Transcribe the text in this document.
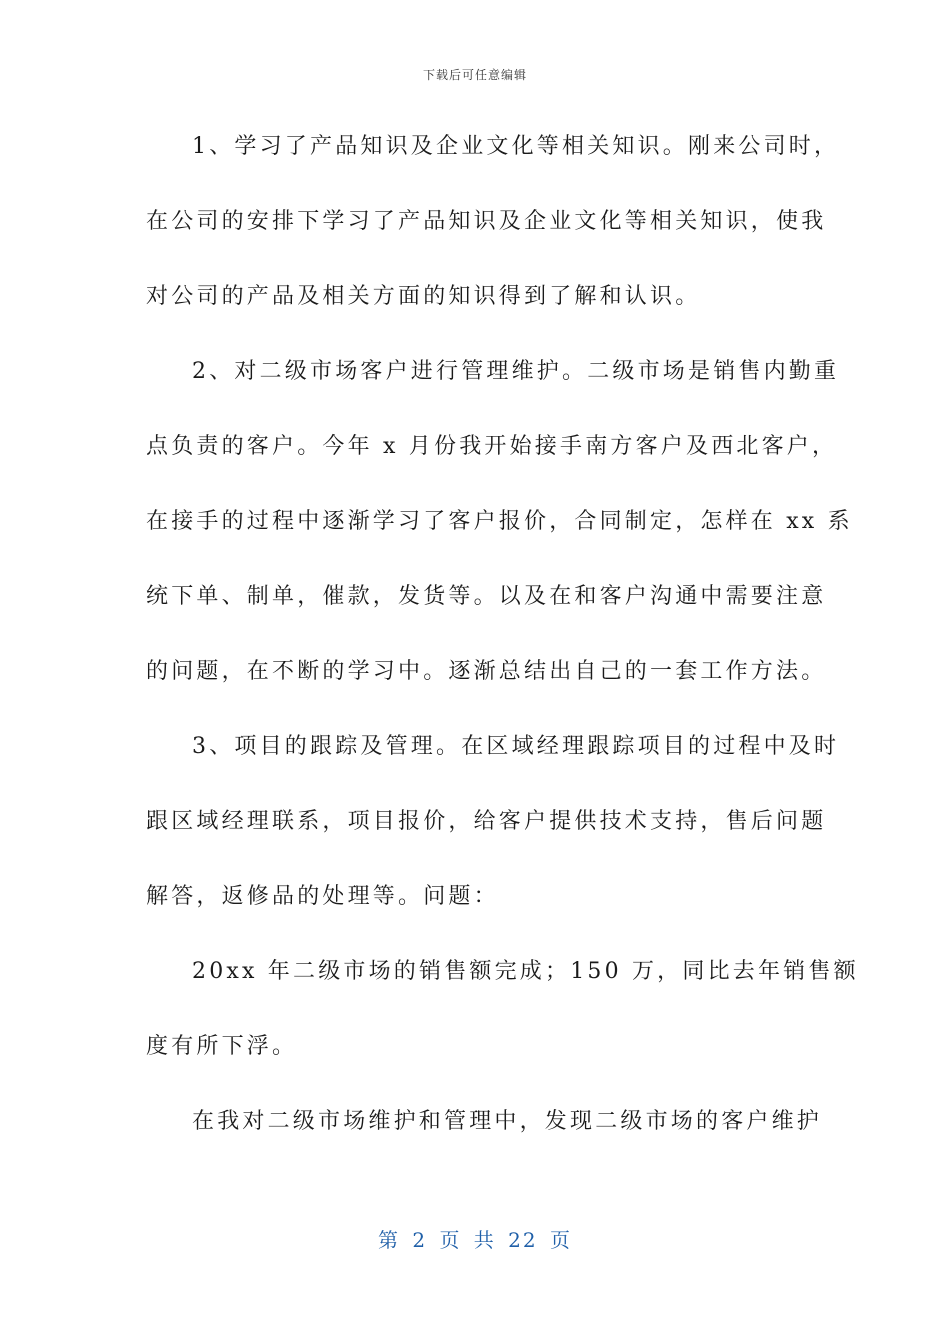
下载后可任意编辑
1、学习了产品知识及企业文化等相关知识。刚来公司时，
在公司的安排下学习了产品知识及企业文化等相关知识，使我
对公司的产品及相关方面的知识得到了解和认识。
2、对二级市场客户进行管理维护。二级市场是销售内勤重
点负责的客户。今年 x 月份我开始接手南方客户及西北客户，
在接手的过程中逐渐学习了客户报价，合同制定，怎样在 xx 系
统下单、制单，催款，发货等。以及在和客户沟通中需要注意
的问题，在不断的学习中。逐渐总结出自己的一套工作方法。
3、项目的跟踪及管理。在区域经理跟踪项目的过程中及时
跟区域经理联系，项目报价，给客户提供技术支持，售后问题
解答，返修品的处理等。问题：
20xx 年二级市场的销售额完成；150 万，同比去年销售额
度有所下浮。
在我对二级市场维护和管理中，发现二级市场的客户维护
第 2 页 共 22 页
